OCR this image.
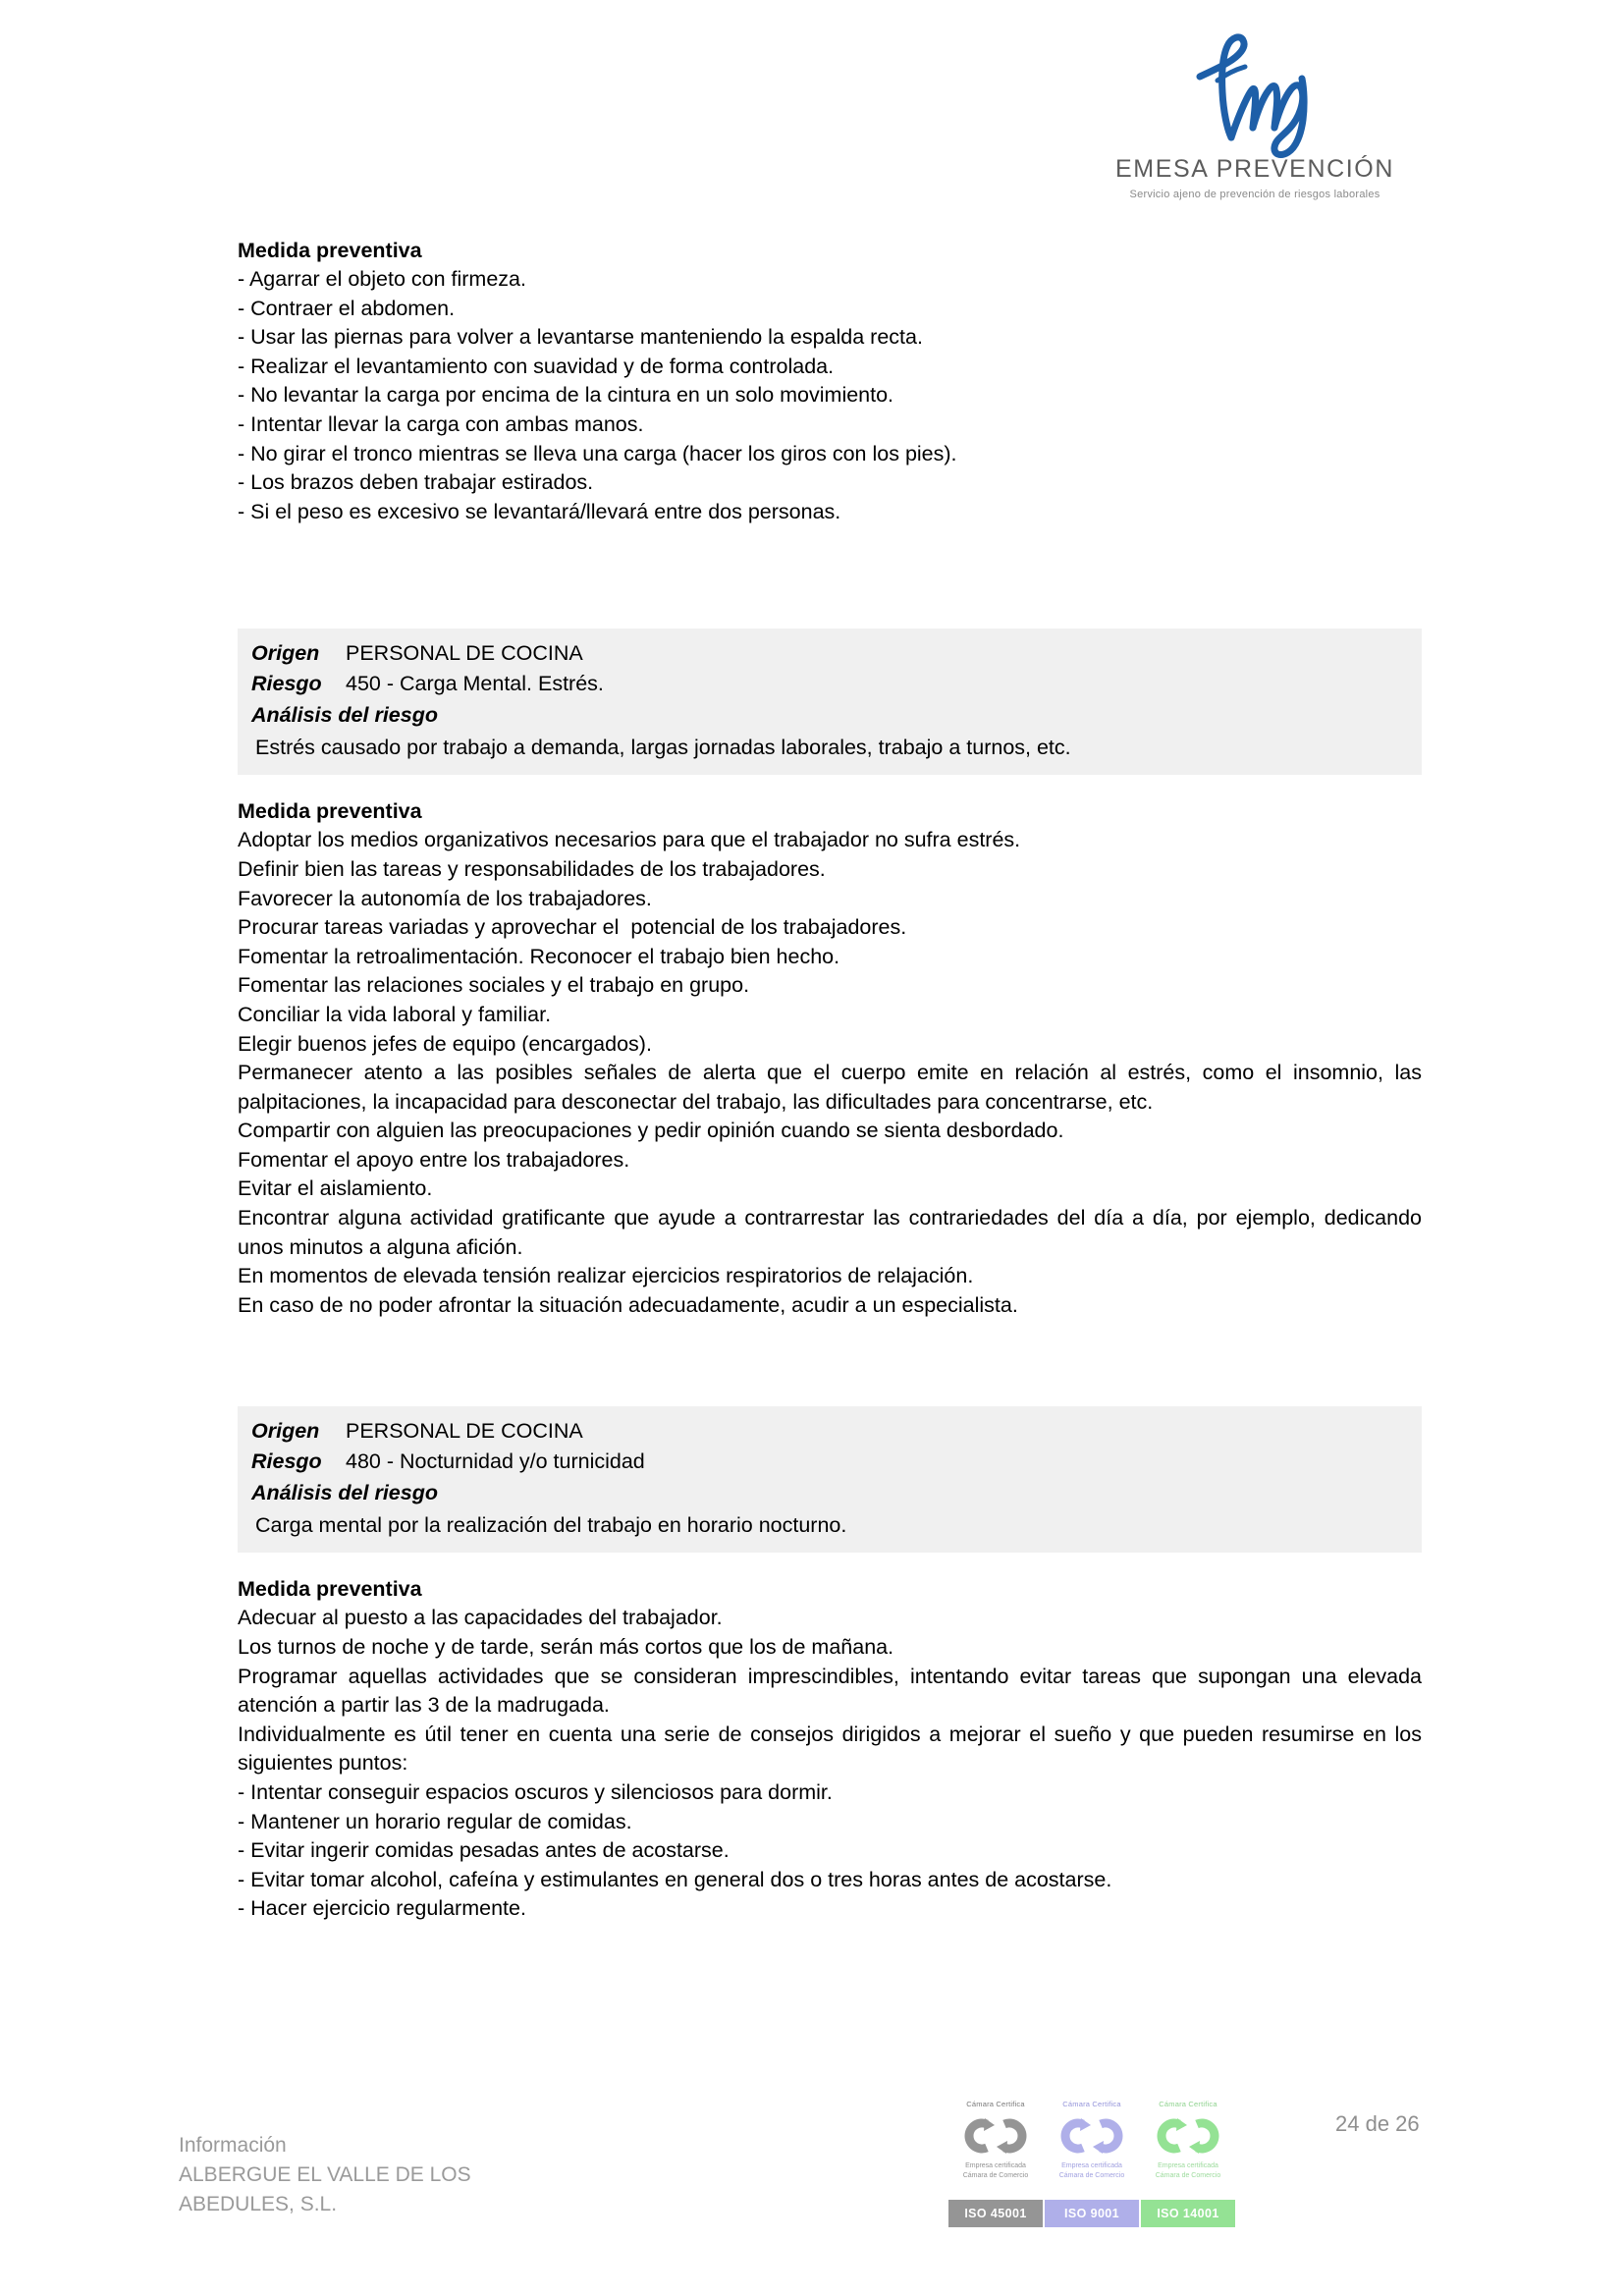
EMESA PREVENCIÓN
Servicio ajeno de prevención de riesgos laborales
Medida preventiva
- Agarrar el objeto con firmeza.
- Contraer el abdomen.
- Usar las piernas para volver a levantarse manteniendo la espalda recta.
- Realizar el levantamiento con suavidad y de forma controlada.
- No levantar la carga por encima de la cintura en un solo movimiento.
- Intentar llevar la carga con ambas manos.
- No girar el tronco mientras se lleva una carga (hacer los giros con los pies).
- Los brazos deben trabajar estirados.
- Si el peso es excesivo se levantará/llevará entre dos personas.
Origen	PERSONAL DE COCINA
Riesgo	450 - Carga Mental. Estrés.
Análisis del riesgo
Estrés causado por trabajo a demanda, largas jornadas laborales, trabajo a turnos, etc.
Medida preventiva
Adoptar los medios organizativos necesarios para que el trabajador no sufra estrés.
Definir bien las tareas y responsabilidades de los trabajadores.
Favorecer la autonomía de los trabajadores.
Procurar tareas variadas y aprovechar el  potencial de los trabajadores.
Fomentar la retroalimentación. Reconocer el trabajo bien hecho.
Fomentar las relaciones sociales y el trabajo en grupo.
Conciliar la vida laboral y familiar.
Elegir buenos jefes de equipo (encargados).
Permanecer atento a las posibles señales de alerta que el cuerpo emite en relación al estrés, como el insomnio, las palpitaciones, la incapacidad para desconectar del trabajo, las dificultades para concentrarse, etc.
Compartir con alguien las preocupaciones y pedir opinión cuando se sienta desbordado.
Fomentar el apoyo entre los trabajadores.
Evitar el aislamiento.
Encontrar alguna actividad gratificante que ayude a contrarrestar las contrariedades del día a día, por ejemplo, dedicando unos minutos a alguna afición.
En momentos de elevada tensión realizar ejercicios respiratorios de relajación.
En caso de no poder afrontar la situación adecuadamente, acudir a un especialista.
Origen	PERSONAL DE COCINA
Riesgo	480 - Nocturnidad y/o turnicidad
Análisis del riesgo
Carga mental por la realización del trabajo en horario nocturno.
Medida preventiva
Adecuar al puesto a las capacidades del trabajador.
Los turnos de noche y de tarde, serán más cortos que los de mañana.
Programar aquellas actividades que se consideran imprescindibles, intentando evitar tareas que supongan una elevada atención a partir las 3 de la madrugada.
Individualmente es útil tener en cuenta una serie de consejos dirigidos a mejorar el sueño y que pueden resumirse en los siguientes puntos:
- Intentar conseguir espacios oscuros y silenciosos para dormir.
- Mantener un horario regular de comidas.
- Evitar ingerir comidas pesadas antes de acostarse.
- Evitar tomar alcohol, cafeína y estimulantes en general dos o tres horas antes de acostarse.
- Hacer ejercicio regularmente.
Información
ALBERGUE EL VALLE DE LOS
ABEDULES, S.L.
Cámara Certifica
Empresa certificada
Cámara de Comercio
ISO 45001
Cámara Certifica
Empresa certificada
Cámara de Comercio
ISO 9001
Cámara Certifica
Empresa certificada
Cámara de Comercio
ISO 14001
24 de 26
